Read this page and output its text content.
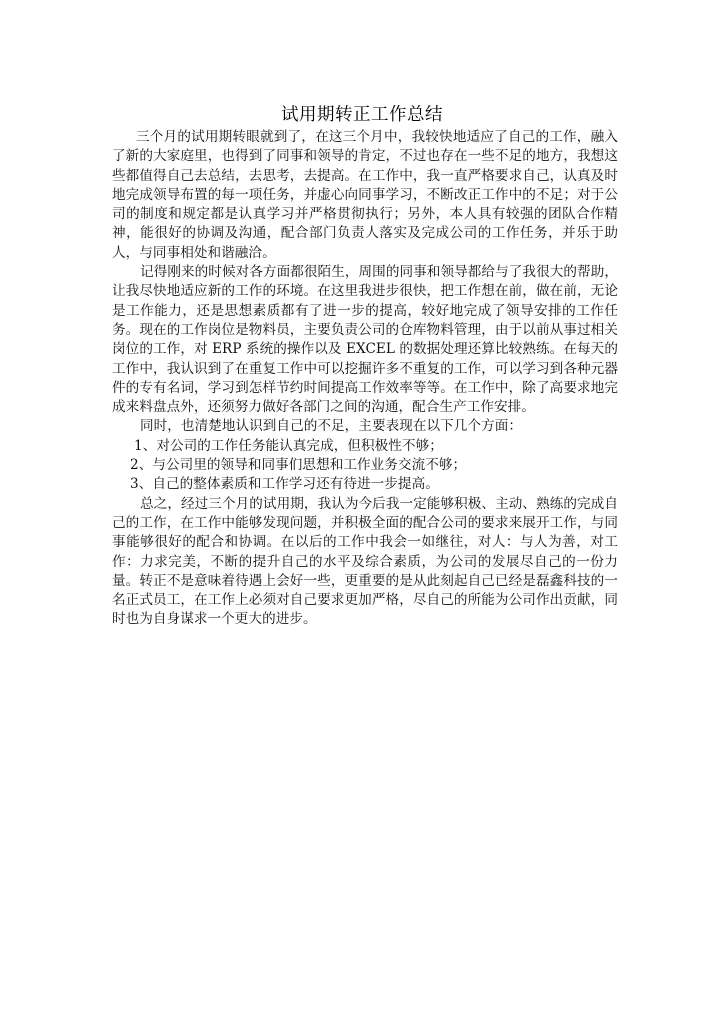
试用期转正工作总结

三个月的试用期转眼就到了，在这三个月中，我较快地适应了自己的工作，融入了新的大家庭里，也得到了同事和领导的肯定，不过也存在一些不足的地方，我想这些都值得自己去总结，去思考，去提高。在工作中，我一直严格要求自己，认真及时地完成领导布置的每一项任务，并虚心向同事学习，不断改正工作中的不足；对于公司的制度和规定都是认真学习并严格贯彻执行；另外，本人具有较强的团队合作精神，能很好的协调及沟通，配合部门负责人落实及完成公司的工作任务，并乐于助人，与同事相处和谐融洽。

记得刚来的时候对各方面都很陌生，周围的同事和领导都给与了我很大的帮助，让我尽快地适应新的工作的环境。在这里我进步很快，把工作想在前，做在前，无论是工作能力，还是思想素质都有了进一步的提高，较好地完成了领导安排的工作任务。现在的工作岗位是物料员，主要负责公司的仓库物料管理，由于以前从事过相关岗位的工作，对 ERP 系统的操作以及 EXCEL 的数据处理还算比较熟练。在每天的工作中，我认识到了在重复工作中可以挖掘许多不重复的工作，可以学习到各种元器件的专有名词，学习到怎样节约时间提高工作效率等等。在工作中，除了高要求地完成来料盘点外，还须努力做好各部门之间的沟通，配合生产工作安排。

同时，也清楚地认识到自己的不足，主要表现在以下几个方面：

1、对公司的工作任务能认真完成，但积极性不够；

2、与公司里的领导和同事们思想和工作业务交流不够；

3、自己的整体素质和工作学习还有待进一步提高。

总之，经过三个月的试用期，我认为今后我一定能够积极、主动、熟练的完成自己的工作，在工作中能够发现问题，并积极全面的配合公司的要求来展开工作，与同事能够很好的配合和协调。在以后的工作中我会一如继往，对人：与人为善，对工作：力求完美，不断的提升自己的水平及综合素质，为公司的发展尽自己的一份力量。转正不是意味着待遇上会好一些，更重要的是从此刻起自己已经是磊鑫科技的一名正式员工，在工作上必须对自己要求更加严格，尽自己的所能为公司作出贡献，同时也为自身谋求一个更大的进步。
